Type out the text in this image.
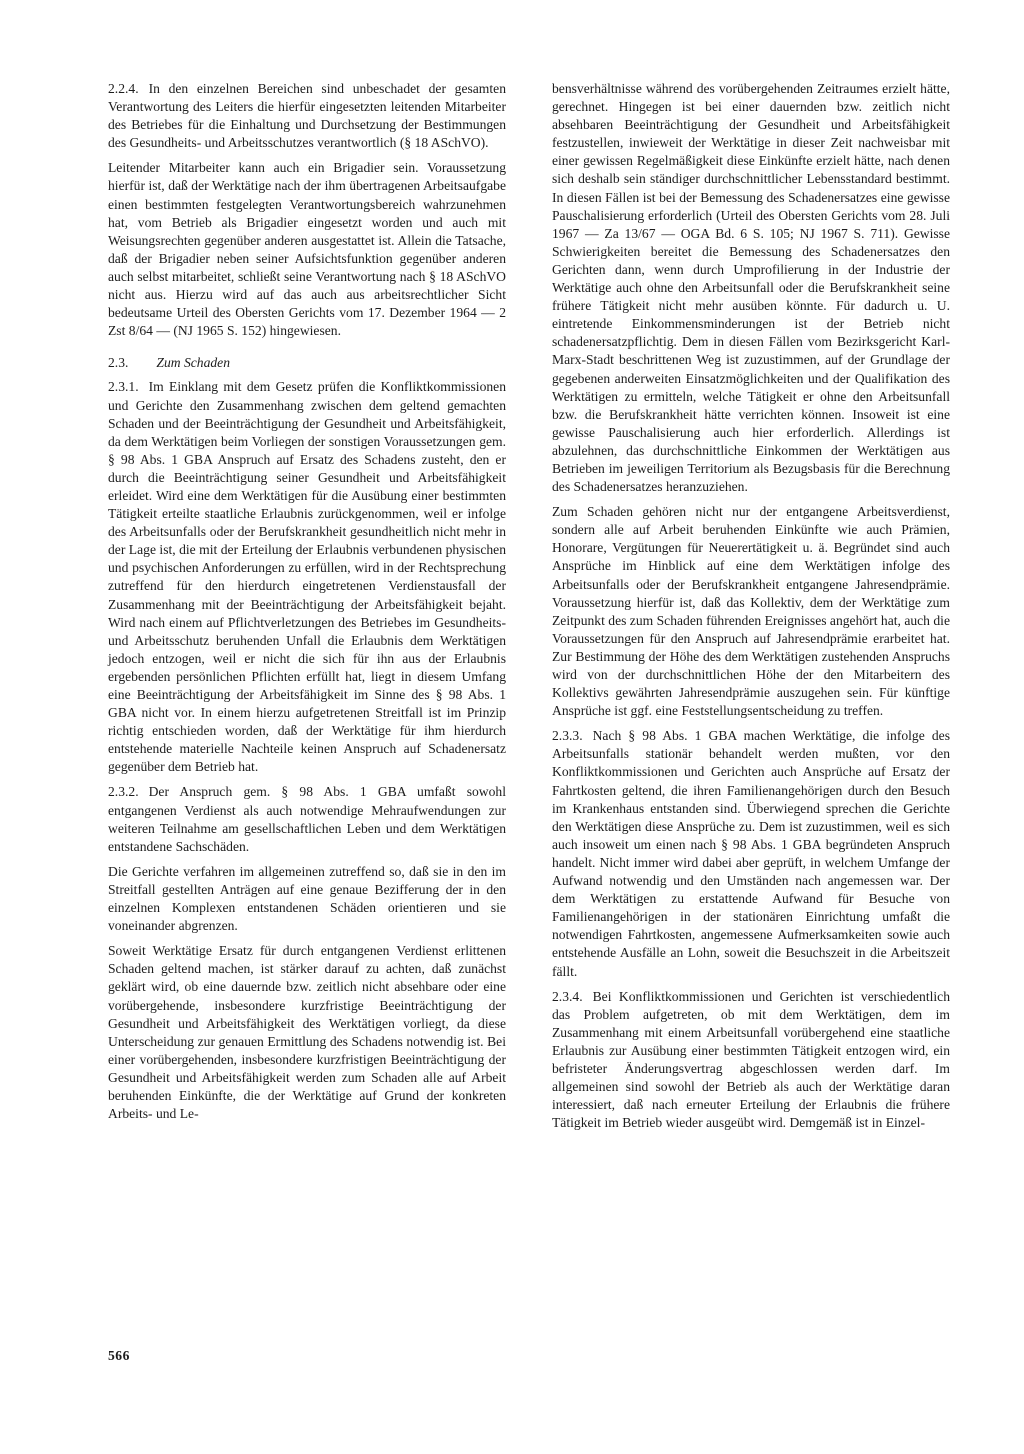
2.2.4. In den einzelnen Bereichen sind unbeschadet der gesamten Verantwortung des Leiters die hierfür eingesetzten leitenden Mitarbeiter des Betriebes für die Einhaltung und Durchsetzung der Bestimmungen des Gesundheits- und Arbeitsschutzes verantwortlich (§ 18 ASchVO).

Leitender Mitarbeiter kann auch ein Brigadier sein. Voraussetzung hierfür ist, daß der Werktätige nach der ihm übertragenen Arbeitsaufgabe einen bestimmten festgelegten Verantwortungsbereich wahrzunehmen hat, vom Betrieb als Brigadier eingesetzt worden und auch mit Weisungsrechten gegenüber anderen ausgestattet ist. Allein die Tatsache, daß der Brigadier neben seiner Aufsichtsfunktion gegenüber anderen auch selbst mitarbeitet, schließt seine Verantwortung nach § 18 ASchVO nicht aus. Hierzu wird auf das auch aus arbeitsrechtlicher Sicht bedeutsame Urteil des Obersten Gerichts vom 17. Dezember 1964 — 2 Zst 8/64 — (NJ 1965 S. 152) hingewiesen.

2.3. Zum Schaden

2.3.1. Im Einklang mit dem Gesetz prüfen die Konfliktkommissionen und Gerichte den Zusammenhang zwischen dem geltend gemachten Schaden und der Beeinträchtigung der Gesundheit und Arbeitsfähigkeit, da dem Werktätigen beim Vorliegen der sonstigen Voraussetzungen gem. § 98 Abs. 1 GBA Anspruch auf Ersatz des Schadens zusteht, den er durch die Beeinträchtigung seiner Gesundheit und Arbeitsfähigkeit erleidet. Wird eine dem Werktätigen für die Ausübung einer bestimmten Tätigkeit erteilte staatliche Erlaubnis zurückgenommen, weil er infolge des Arbeitsunfalls oder der Berufskrankheit gesundheitlich nicht mehr in der Lage ist, die mit der Erteilung der Erlaubnis verbundenen physischen und psychischen Anforderungen zu erfüllen, wird in der Rechtsprechung zutreffend für den hierdurch eingetretenen Verdienstausfall der Zusammenhang mit der Beeinträchtigung der Arbeitsfähigkeit bejaht. Wird nach einem auf Pflichtverletzungen des Betriebes im Gesundheits- und Arbeitsschutz beruhenden Unfall die Erlaubnis dem Werktätigen jedoch entzogen, weil er nicht die sich für ihn aus der Erlaubnis ergebenden persönlichen Pflichten erfüllt hat, liegt in diesem Umfang eine Beeinträchtigung der Arbeitsfähigkeit im Sinne des § 98 Abs. 1 GBA nicht vor. In einem hierzu aufgetretenen Streitfall ist im Prinzip richtig entschieden worden, daß der Werktätige für ihm hierdurch entstehende materielle Nachteile keinen Anspruch auf Schadenersatz gegenüber dem Betrieb hat.

2.3.2. Der Anspruch gem. § 98 Abs. 1 GBA umfaßt sowohl entgangenen Verdienst als auch notwendige Mehraufwendungen zur weiteren Teilnahme am gesellschaftlichen Leben und dem Werktätigen entstandene Sachschäden.

Die Gerichte verfahren im allgemeinen zutreffend so, daß sie in den im Streitfall gestellten Anträgen auf eine genaue Bezifferung der in den einzelnen Komplexen entstandenen Schäden orientieren und sie voneinander abgrenzen.

Soweit Werktätige Ersatz für durch entgangenen Verdienst erlittenen Schaden geltend machen, ist stärker darauf zu achten, daß zunächst geklärt wird, ob eine dauernde bzw. zeitlich nicht absehbare oder eine vorübergehende, insbesondere kurzfristige Beeinträchtigung der Gesundheit und Arbeitsfähigkeit des Werktätigen vorliegt, da diese Unterscheidung zur genauen Ermittlung des Schadens notwendig ist. Bei einer vorübergehenden, insbesondere kurzfristigen Beeinträchtigung der Gesundheit und Arbeitsfähigkeit werden zum Schaden alle auf Arbeit beruhenden Einkünfte, die der Werktätige auf Grund der konkreten Arbeits- und Le-

bensverhältnisse während des vorübergehenden Zeitraumes erzielt hätte, gerechnet. Hingegen ist bei einer dauernden bzw. zeitlich nicht absehbaren Beeinträchtigung der Gesundheit und Arbeitsfähigkeit festzustellen, inwieweit der Werktätige in dieser Zeit nachweisbar mit einer gewissen Regelmäßigkeit diese Einkünfte erzielt hätte, nach denen sich deshalb sein ständiger durchschnittlicher Lebensstandard bestimmt. In diesen Fällen ist bei der Bemessung des Schadenersatzes eine gewisse Pauschalisierung erforderlich (Urteil des Obersten Gerichts vom 28. Juli 1967 — Za 13/67 — OGA Bd. 6 S. 105; NJ 1967 S. 711). Gewisse Schwierigkeiten bereitet die Bemessung des Schadenersatzes den Gerichten dann, wenn durch Umprofilierung in der Industrie der Werktätige auch ohne den Arbeitsunfall oder die Berufskrankheit seine frühere Tätigkeit nicht mehr ausüben könnte. Für dadurch u. U. eintretende Einkommensminderungen ist der Betrieb nicht schadenersatzpflichtig. Dem in diesen Fällen vom Bezirksgericht Karl-Marx-Stadt beschrittenen Weg ist zuzustimmen, auf der Grundlage der gegebenen anderweiten Einsatzmöglichkeiten und der Qualifikation des Werktätigen zu ermitteln, welche Tätigkeit er ohne den Arbeitsunfall bzw. die Berufskrankheit hätte verrichten können. Insoweit ist eine gewisse Pauschalisierung auch hier erforderlich. Allerdings ist abzulehnen, das durchschnittliche Einkommen der Werktätigen aus Betrieben im jeweiligen Territorium als Bezugsbasis für die Berechnung des Schadenersatzes heranzuziehen.

Zum Schaden gehören nicht nur der entgangene Arbeitsverdienst, sondern alle auf Arbeit beruhenden Einkünfte wie auch Prämien, Honorare, Vergütungen für Neuerertätigkeit u. ä. Begründet sind auch Ansprüche im Hinblick auf eine dem Werktätigen infolge des Arbeitsunfalls oder der Berufskrankheit entgangene Jahresendprämie. Voraussetzung hierfür ist, daß das Kollektiv, dem der Werktätige zum Zeitpunkt des zum Schaden führenden Ereignisses angehört hat, auch die Voraussetzungen für den Anspruch auf Jahresendprämie erarbeitet hat. Zur Bestimmung der Höhe des dem Werktätigen zustehenden Anspruchs wird von der durchschnittlichen Höhe der den Mitarbeitern des Kollektivs gewährten Jahresendprämie auszugehen sein. Für künftige Ansprüche ist ggf. eine Feststellungsentscheidung zu treffen.

2.3.3. Nach § 98 Abs. 1 GBA machen Werktätige, die infolge des Arbeitsunfalls stationär behandelt werden mußten, vor den Konfliktkommissionen und Gerichten auch Ansprüche auf Ersatz der Fahrtkosten geltend, die ihren Familienangehörigen durch den Besuch im Krankenhaus entstanden sind. Überwiegend sprechen die Gerichte den Werktätigen diese Ansprüche zu. Dem ist zuzustimmen, weil es sich auch insoweit um einen nach § 98 Abs. 1 GBA begründeten Anspruch handelt. Nicht immer wird dabei aber geprüft, in welchem Umfange der Aufwand notwendig und den Umständen nach angemessen war. Der dem Werktätigen zu erstattende Aufwand für Besuche von Familienangehörigen in der stationären Einrichtung umfaßt die notwendigen Fahrtkosten, angemessene Aufmerksamkeiten sowie auch entstehende Ausfälle an Lohn, soweit die Besuchszeit in die Arbeitszeit fällt.

2.3.4. Bei Konfliktkommissionen und Gerichten ist verschiedentlich das Problem aufgetreten, ob mit dem Werktätigen, dem im Zusammenhang mit einem Arbeitsunfall vorübergehend eine staatliche Erlaubnis zur Ausübung einer bestimmten Tätigkeit entzogen wird, ein befristeter Änderungsvertrag abgeschlossen werden darf. Im allgemeinen sind sowohl der Betrieb als auch der Werktätige daran interessiert, daß nach erneuter Erteilung der Erlaubnis die frühere Tätigkeit im Betrieb wieder ausgeübt wird. Demgemäß ist in Einzel-

566
